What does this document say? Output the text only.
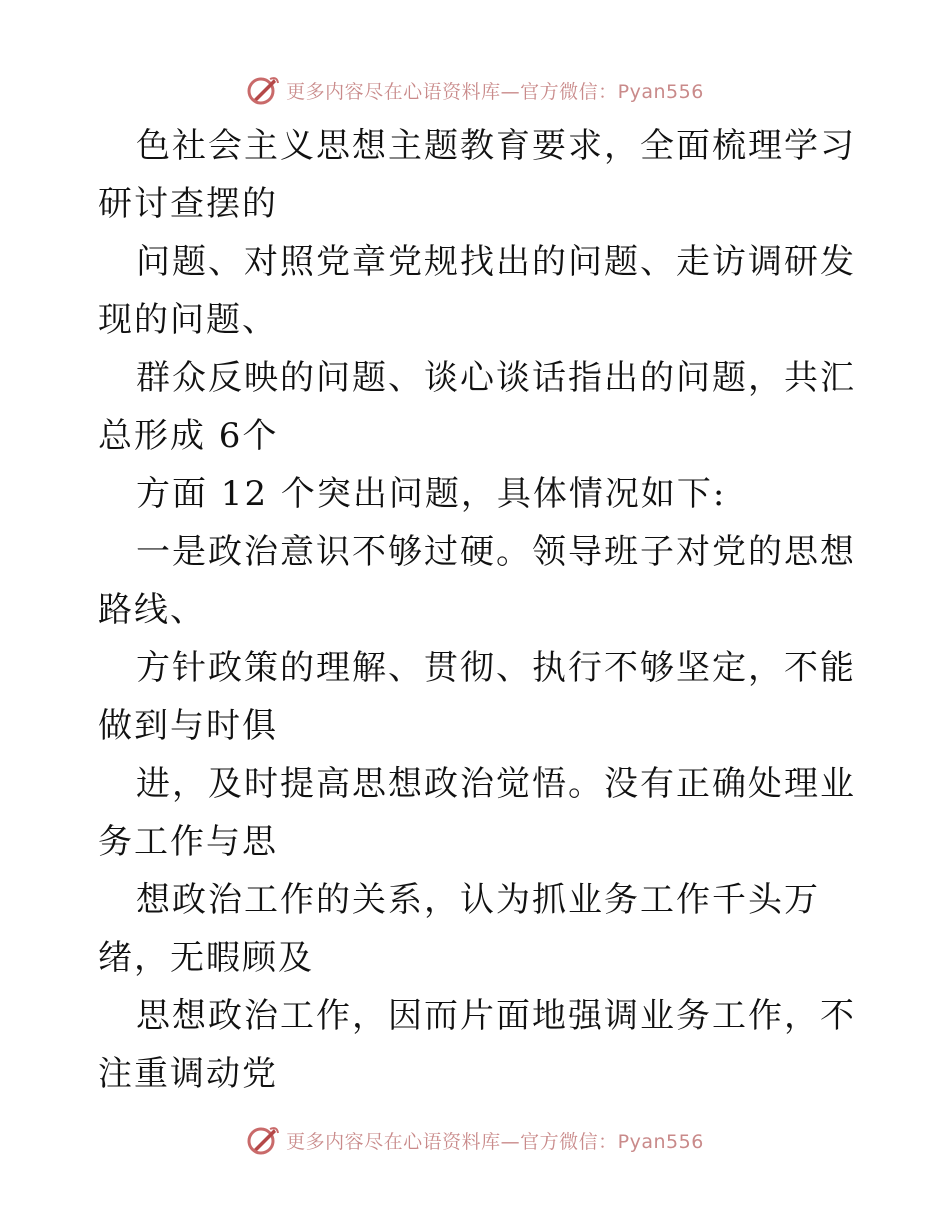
更多内容尽在心语资料库—官方微信：Pyan556

色社会主义思想主题教育要求，全面梳理学习研讨查摆的

问题、对照党章党规找出的问题、走访调研发现的问题、

群众反映的问题、谈心谈话指出的问题，共汇总形成 6个

方面 12 个突出问题，具体情况如下:

一是政治意识不够过硬。领导班子对党的思想路线、

方针政策的理解、贯彻、执行不够坚定，不能做到与时俱

进，及时提高思想政治觉悟。没有正确处理业务工作与思

想政治工作的关系，认为抓业务工作千头万绪，无暇顾及

思想政治工作，因而片面地强调业务工作，不注重调动党

更多内容尽在心语资料库—官方微信：Pyan556
